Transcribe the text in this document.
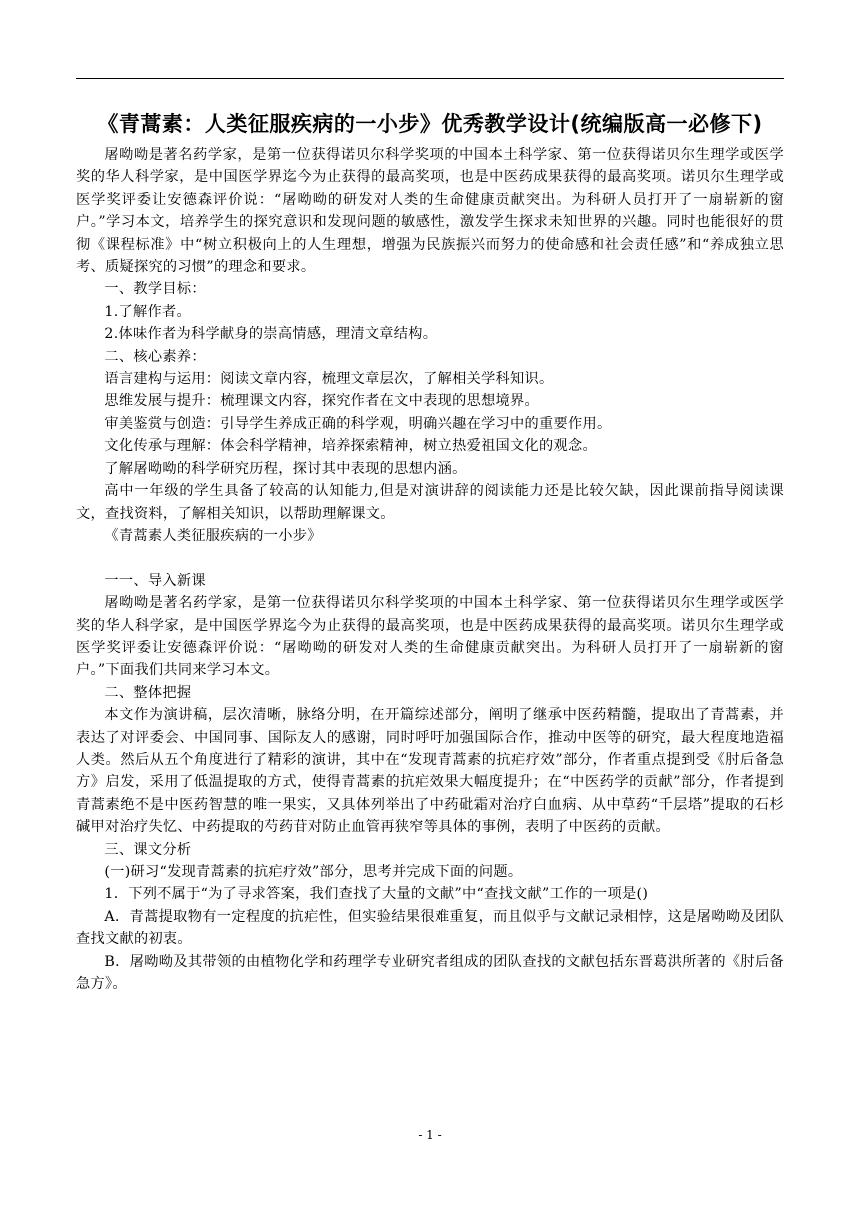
《青蒿素：人类征服疾病的一小步》优秀教学设计(统编版高一必修下)

屠呦呦是著名药学家，是第一位获得诺贝尔科学奖项的中国本土科学家、第一位获得诺贝尔生理学或医学奖的华人科学家，是中国医学界迄今为止获得的最高奖项，也是中医药成果获得的最高奖项。诺贝尔生理学或医学奖评委让安德森评价说：“屠呦呦的研发对人类的生命健康贡献突出。为科研人员打开了一扇崭新的窗户。”学习本文，培养学生的探究意识和发现问题的敏感性，激发学生探求未知世界的兴趣。同时也能很好的贯彻《课程标准》中“树立积极向上的人生理想，增强为民族振兴而努力的使命感和社会责任感”和“养成独立思考、质疑探究的习惯”的理念和要求。

一、教学目标：

1.了解作者。

2.体味作者为科学献身的崇高情感，理清文章结构。

二、核心素养：

语言建构与运用：阅读文章内容，梳理文章层次，了解相关学科知识。

思维发展与提升：梳理课文内容，探究作者在文中表现的思想境界。

审美鉴赏与创造：引导学生养成正确的科学观，明确兴趣在学习中的重要作用。

文化传承与理解：体会科学精神，培养探索精神，树立热爱祖国文化的观念。

了解屠呦呦的科学研究历程，探讨其中表现的思想内涵。

高中一年级的学生具备了较高的认知能力,但是对演讲辞的阅读能力还是比较欠缺，因此课前指导阅读课文，查找资料，了解相关知识，以帮助理解课文。

《青蒿素人类征服疾病的一小步》

一一、导入新课

屠呦呦是著名药学家，是第一位获得诺贝尔科学奖项的中国本土科学家、第一位获得诺贝尔生理学或医学奖的华人科学家，是中国医学界迄今为止获得的最高奖项，也是中医药成果获得的最高奖项。诺贝尔生理学或医学奖评委让安德森评价说：“屠呦呦的研发对人类的生命健康贡献突出。为科研人员打开了一扇崭新的窗户。”下面我们共同来学习本文。

二、整体把握

本文作为演讲稿，层次清晰，脉络分明，在开篇综述部分，阐明了继承中医药精髓，提取出了青蒿素，并表达了对评委会、中国同事、国际友人的感谢，同时呼吁加强国际合作，推动中医等的研究，最大程度地造福人类。然后从五个角度进行了精彩的演讲，其中在“发现青蒿素的抗疟疗效”部分，作者重点提到受《肘后备急方》启发，采用了低温提取的方式，使得青蒿素的抗疟效果大幅度提升；在“中医药学的贡献”部分，作者提到青蒿素绝不是中医药智慧的唯一果实，又具体列举出了中药砒霜对治疗白血病、从中草药“千层塔”提取的石杉碱甲对治疗失忆、中药提取的芍药苷对防止血管再狭窄等具体的事例，表明了中医药的贡献。

三、课文分析

(一)研习“发现青蒿素的抗疟疗效”部分，思考并完成下面的问题。

1．下列不属于“为了寻求答案，我们查找了大量的文献”中“查找文献”工作的一项是()

A．青蒿提取物有一定程度的抗疟性，但实验结果很难重复，而且似乎与文献记录相悖，这是屠呦呦及团队查找文献的初衷。

B．屠呦呦及其带领的由植物化学和药理学专业研究者组成的团队查找的文献包括东晋葛洪所著的《肘后备急方》。

- 1 -
